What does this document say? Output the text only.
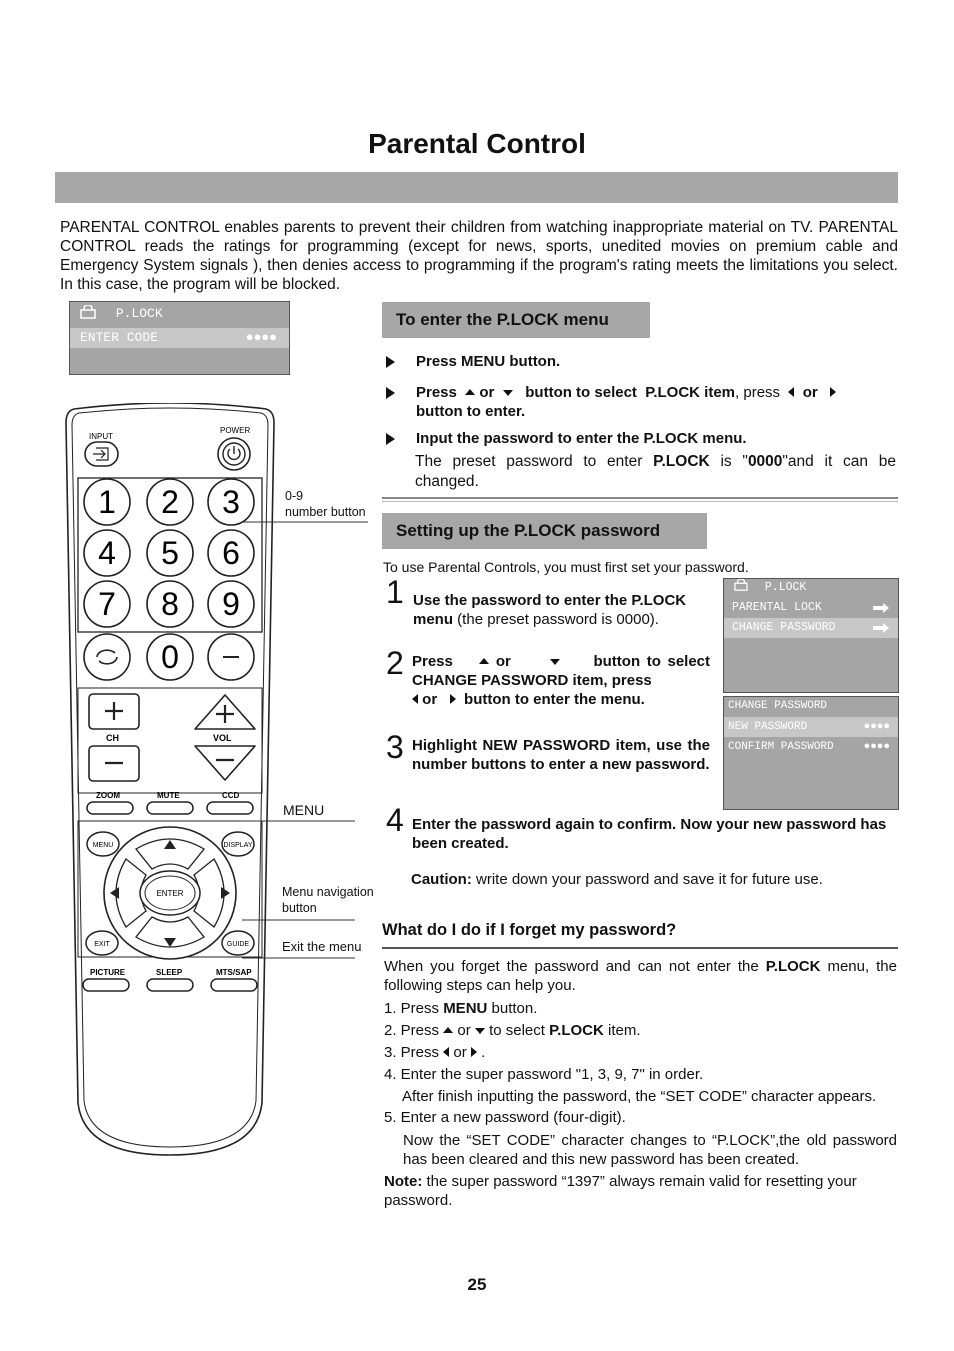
Parental Control
PARENTAL CONTROL enables parents to prevent their children from watching inappropriate material on TV. PARENTAL CONTROL reads the ratings for programming (except for news, sports, unedited movies on premium cable and Emergency System signals ), then denies access to programming if the program's rating meets the limitations you select. In this case, the program will be blocked.
P.LOCK
ENTER CODE	●●●●
INPUT
POWER
1 2 3
4 5 6
7 8 9
0
CH	VOL
ZOOM	MUTE	CCD
MENU	DISPLAY
EXIT	GUIDE
ENTER
PICTURE	SLEEP	MTS/SAP
0-9
number button
MENU
Menu navigation
button
Exit the menu
To enter the P.LOCK menu
Press MENU button.
Press or button to select P.LOCK item, press or
button to enter.
Input the password to enter the P.LOCK menu.
The preset password to enter P.LOCK is "0000"and it can be changed.
Setting up the P.LOCK password
To use Parental Controls, you must first set your password.
1 Use the password to enter the P.LOCK menu (the preset password is 0000).
2 Press	or	button to select CHANGE PASSWORD item, press
or button to enter the menu.
3 Highlight NEW PASSWORD item, use the number buttons to enter a new password.
4 Enter the password again to confirm. Now your new password has been created.
Caution: write down your password and save it for future use.
P.LOCK
PARENTAL LOCK
CHANGE PASSWORD
CHANGE PASSWORD
NEW PASSWORD	●●●●
CONFIRM PASSWORD	●●●●
What do I do if I forget my password?
When you forget the password and can not enter the P.LOCK menu, the following steps can help you.
1. Press MENU button.
2. Press or to select P.LOCK item.
3. Press or .
4. Enter the super password "1, 3, 9, 7" in order.
After finish inputting the password, the “SET CODE” character appears.
5. Enter a new password (four-digit).
Now the “SET CODE” character changes to “P.LOCK”,the old password has been cleared and this new password has been created.
Note: the super password “1397” always remain valid for resetting your password.
25
